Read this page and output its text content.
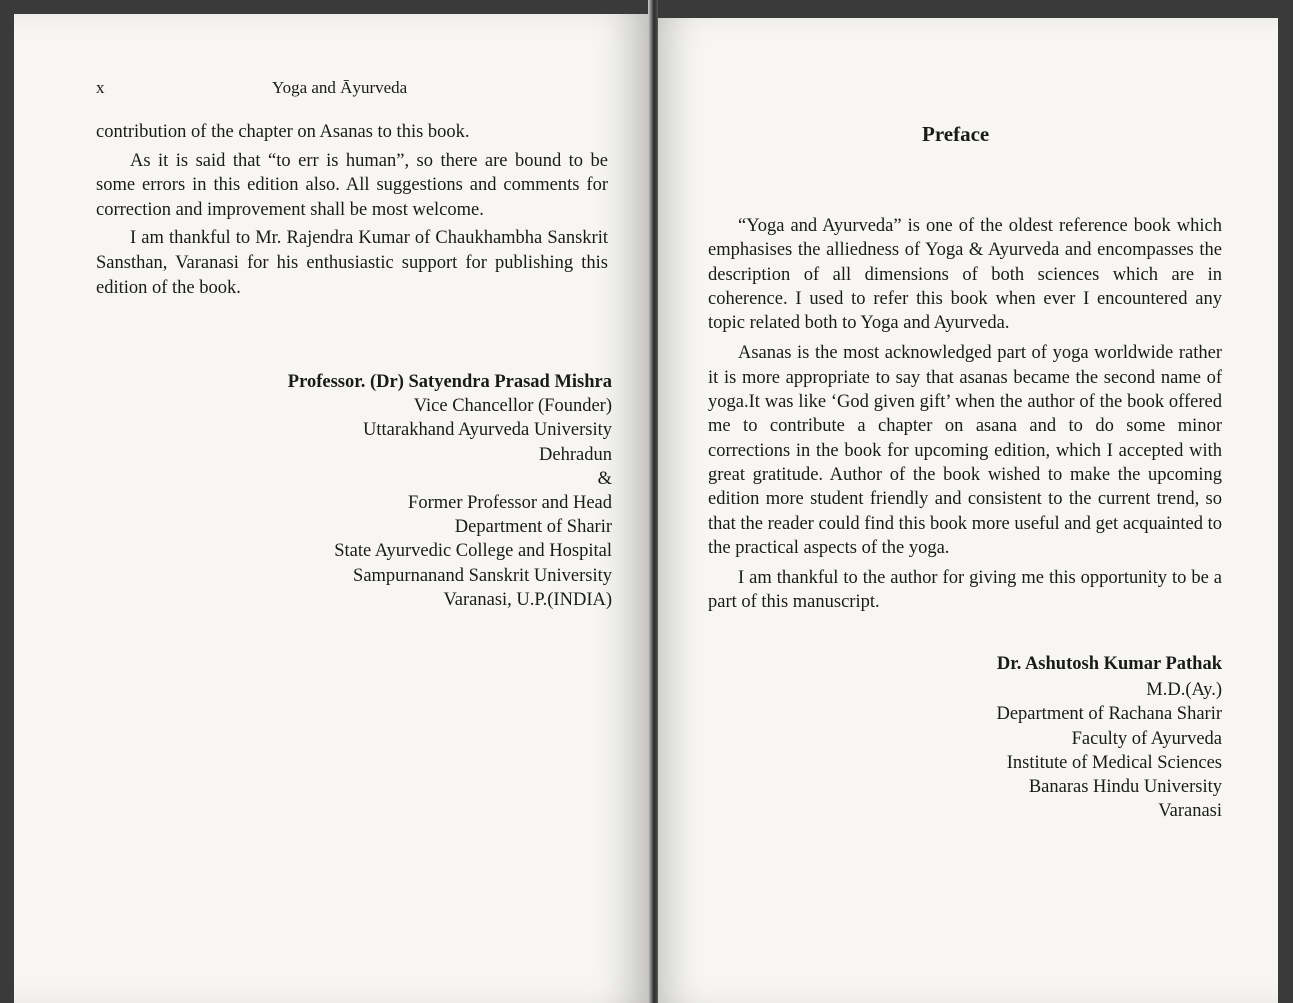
x	Yoga and Āyurveda

contribution of the chapter on Asanas to this book.

As it is said that “to err is human”, so there are bound to be some errors in this edition also. All suggestions and comments for correction and improvement shall be most welcome.

I am thankful to Mr. Rajendra Kumar of Chaukhambha Sanskrit Sansthan, Varanasi for his enthusiastic support for publishing this edition of the book.

Professor. (Dr) Satyendra Prasad Mishra
Vice Chancellor (Founder)
Uttarakhand Ayurveda University
Dehradun
&
Former Professor and Head
Department of Sharir
State Ayurvedic College and Hospital
Sampurnanand Sanskrit University
Varanasi, U.P.(INDIA)
Preface

“Yoga and Ayurveda” is one of the oldest reference book which emphasises the alliedness of Yoga & Ayurveda and encompasses the description of all dimensions of both sciences which are in coherence. I used to refer this book when ever I encountered any topic related both to Yoga and Ayurveda.

Asanas is the most acknowledged part of yoga worldwide rather it is more appropriate to say that asanas became the second name of yoga.It was like ‘God given gift’ when the author of the book offered me to contribute a chapter on asana and to do some minor corrections in the book for upcoming edition, which I accepted with great gratitude. Author of the book wished to make the upcoming edition more student friendly and consistent to the current trend, so that the reader could find this book more useful and get acquainted to the practical aspects of the yoga.

I am thankful to the author for giving me this opportunity to be a part of this manuscript.

Dr. Ashutosh Kumar Pathak
M.D.(Ay.)
Department of Rachana Sharir
Faculty of Ayurveda
Institute of Medical Sciences
Banaras Hindu University
Varanasi
